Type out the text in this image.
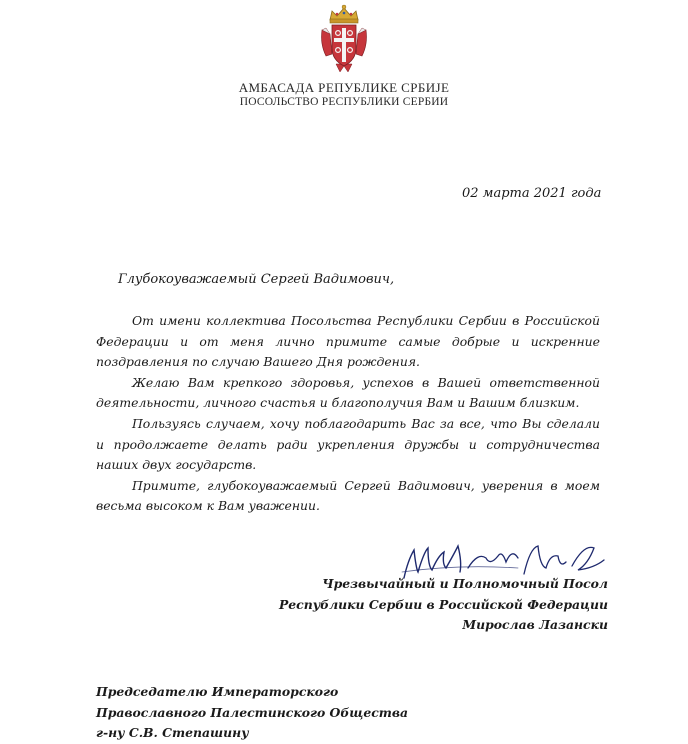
АМБАСАДА РЕПУБЛИКЕ СРБИЈЕ
ПОСОЛЬСТВО РЕСПУБЛИКИ СЕРБИИ
02 марта 2021 года
Глубокоуважаемый Сергей Вадимович,

От имени коллектива Посольства Республики Сербии в Российской Федерации и от меня лично примите самые добрые и искренние поздравления по случаю Вашего Дня рождения.

Желаю Вам крепкого здоровья, успехов в Вашей ответственной деятельности, личного счастья и благополучия Вам и Вашим близким.

Пользуясь случаем, хочу поблагодарить Вас за все, что Вы сделали и продолжаете делать ради укрепления дружбы и сотрудничества наших двух государств.

Примите, глубокоуважаемый Сергей Вадимович, уверения в моем весьма высоком к Вам уважении.

Чрезвычайный и Полномочный Посол
Республики Сербии в Российской Федерации
Мирослав Лазански
Председателю Императорского
Православного Палестинского Общества
г-ну С.В. Степашину
